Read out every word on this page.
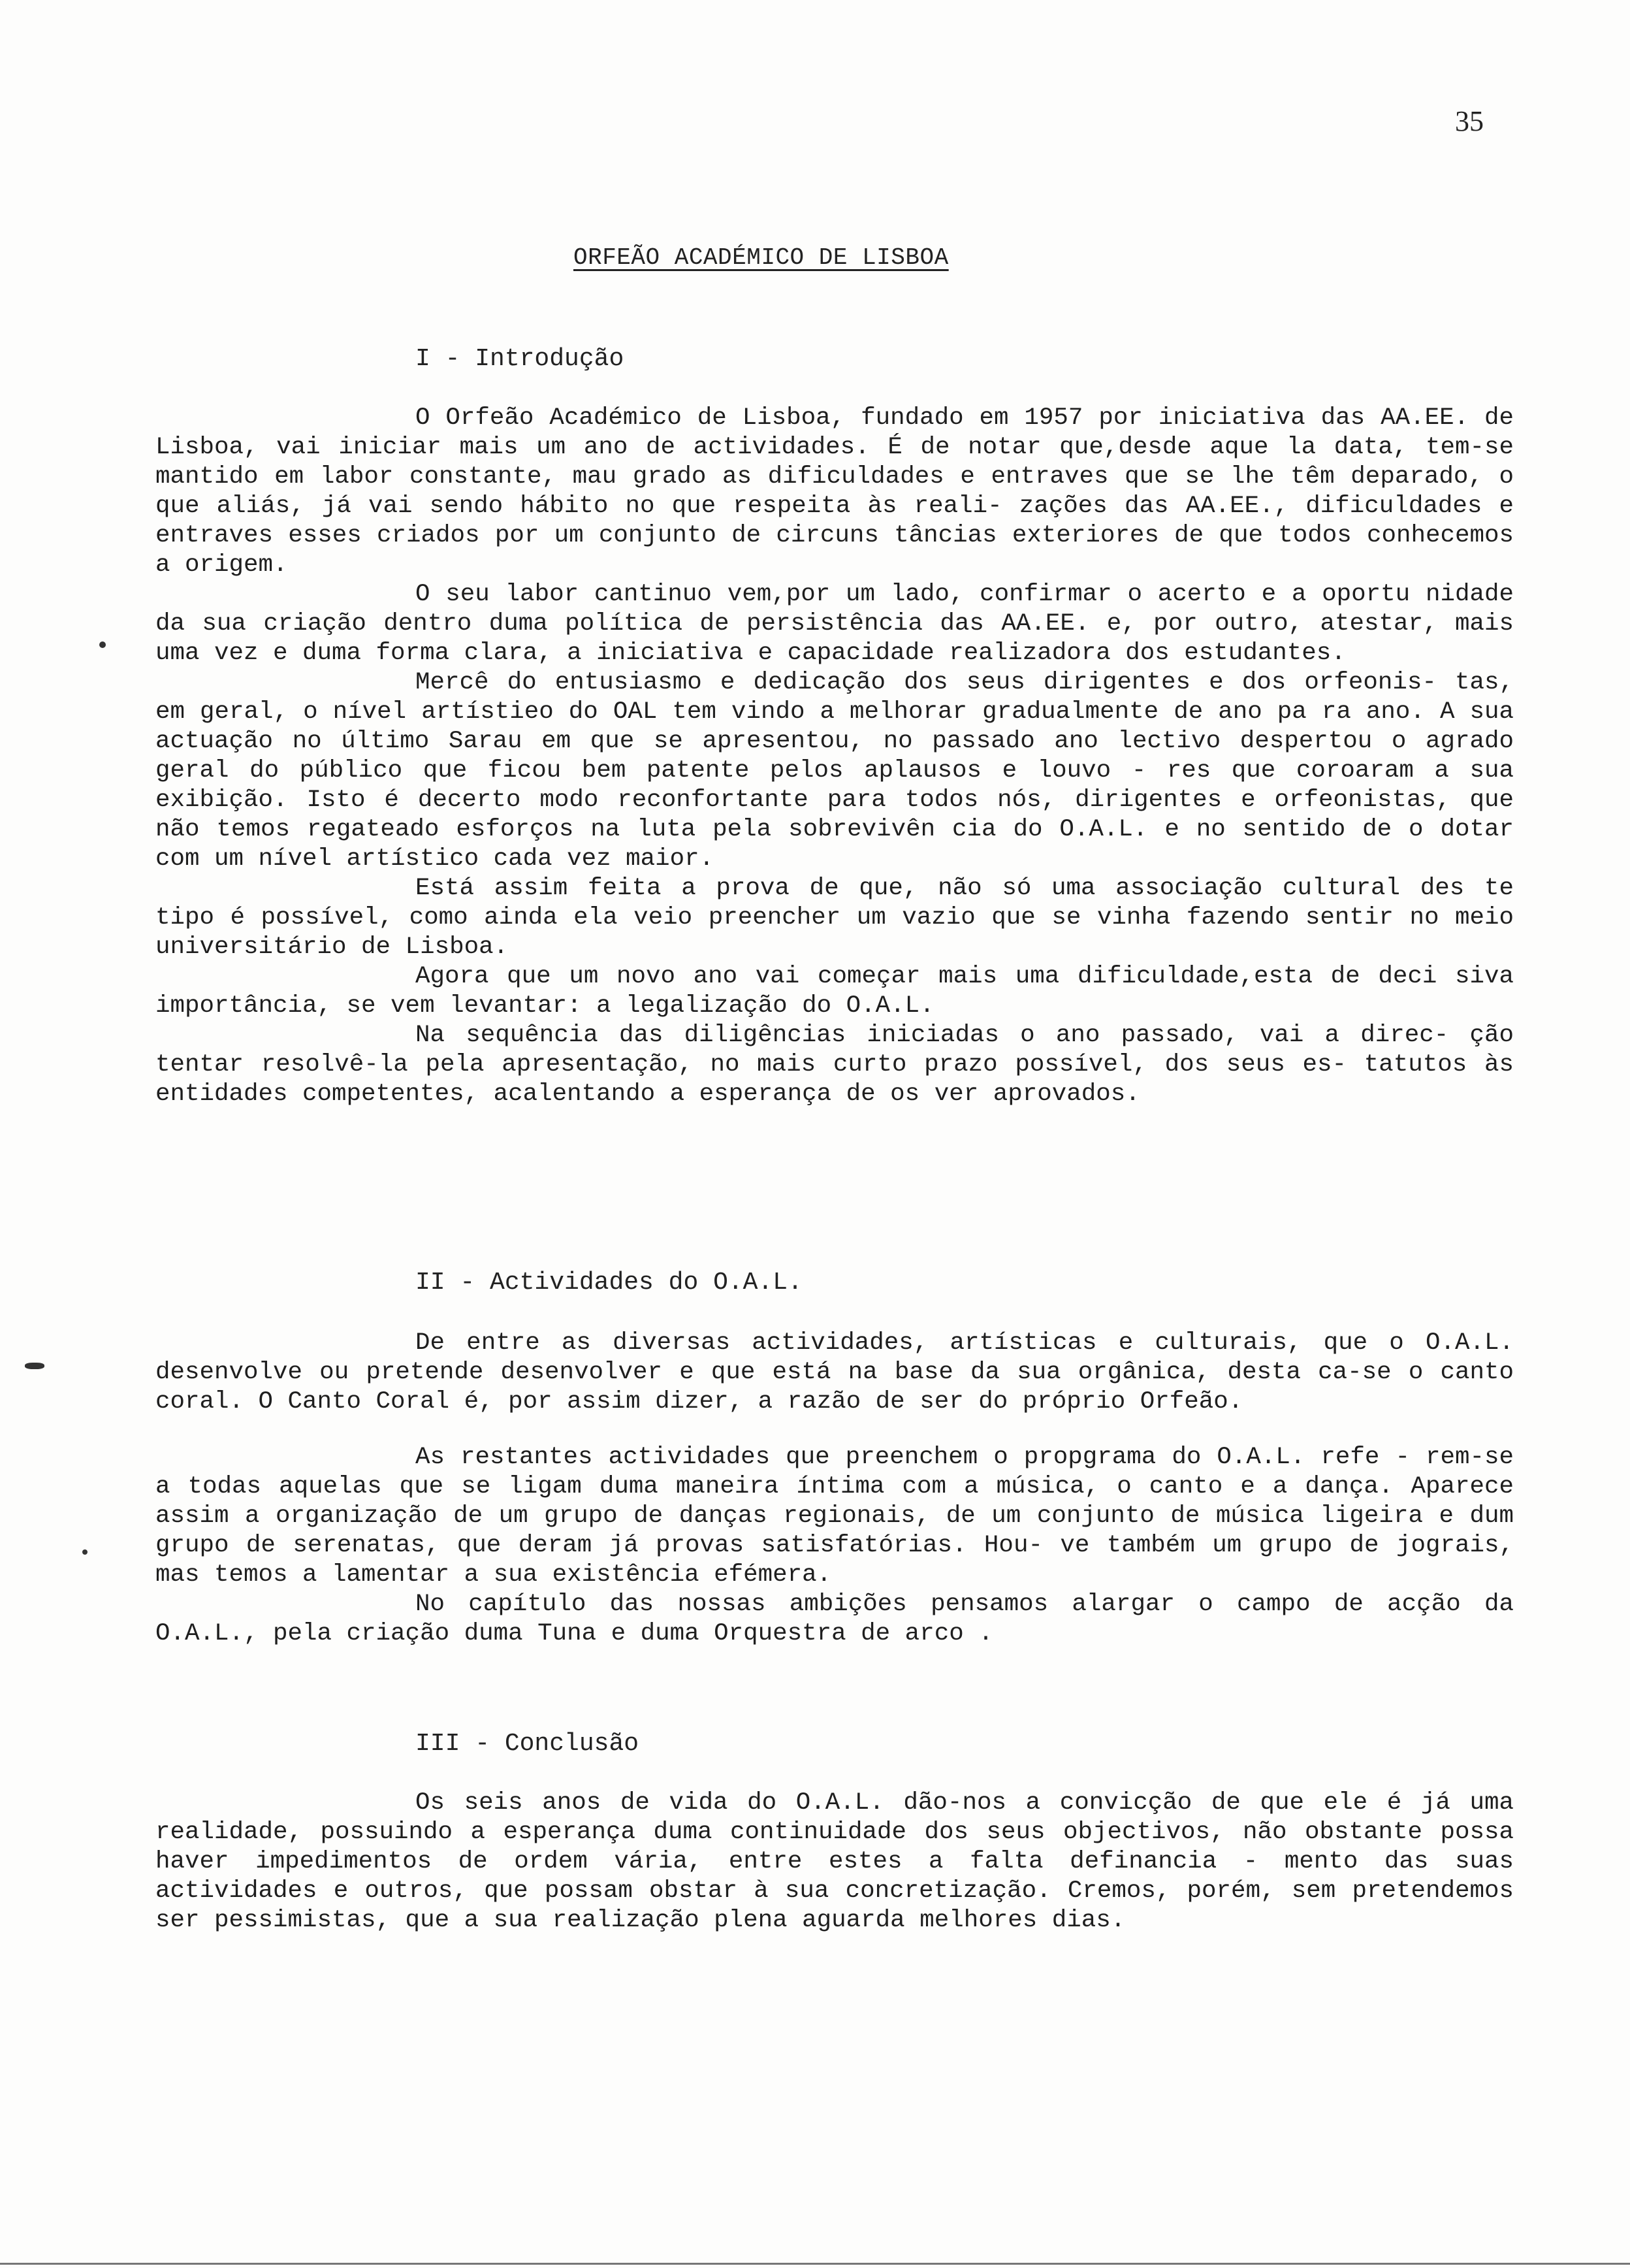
35
ORFEÃO ACADÉMICO DE LISBOA
I - Introdução

O Orfeão Académico de Lisboa, fundado em 1957 por iniciativa das AA.EE. de Lisboa, vai iniciar mais um ano de actividades. É de notar que,desde aque la data, tem-se mantido em labor constante, mau grado as dificuldades e entraves que se lhe têm deparado, o que aliás, já vai sendo hábito no que respeita às reali- zações das AA.EE., dificuldades e entraves esses criados por um conjunto de circuns tâncias exteriores de que todos conhecemos a origem.

O seu labor cantinuo vem,por um lado, confirmar o acerto e a oportu nidade da sua criação dentro duma política de persistência das AA.EE. e, por outro, atestar, mais uma vez e duma forma clara, a iniciativa e capacidade realizadora dos estudantes.

Mercê do entusiasmo e dedicação dos seus dirigentes e dos orfeonis- tas, em geral, o nível artístieo do OAL tem vindo a melhorar gradualmente de ano pa ra ano. A sua actuação no último Sarau em que se apresentou, no passado ano lectivo despertou o agrado geral do público que ficou bem patente pelos aplausos e louvo - res que coroaram a sua exibição. Isto é decerto modo reconfortante para todos nós, dirigentes e orfeonistas, que não temos regateado esforços na luta pela sobrevivên cia do O.A.L. e no sentido de o dotar com um nível artístico cada vez maior.

Está assim feita a prova de que, não só uma associação cultural des te tipo é possível, como ainda ela veio preencher um vazio que se vinha fazendo sentir no meio universitário de Lisboa.

Agora que um novo ano vai começar mais uma dificuldade,esta de deci siva importância, se vem levantar: a legalização do O.A.L.

Na sequência das diligências iniciadas o ano passado, vai a direc- ção tentar resolvê-la pela apresentação, no mais curto prazo possível, dos seus es- tatutos às entidades competentes, acalentando a esperança de os ver aprovados.

II - Actividades do O.A.L.

De entre as diversas actividades, artísticas e culturais, que o O.A.L. desenvolve ou pretende desenvolver e que está na base da sua orgânica, desta ca-se o canto coral. O Canto Coral é, por assim dizer, a razão de ser do próprio Orfeão.

As restantes actividades que preenchem o propgrama do O.A.L. refe - rem-se a todas aquelas que se ligam duma maneira íntima com a música, o canto e a dança. Aparece assim a organização de um grupo de danças regionais, de um conjunto de música ligeira e dum grupo de serenatas, que deram já provas satisfatórias. Hou- ve também um grupo de jograis, mas temos a lamentar a sua existência efémera.

No capítulo das nossas ambições pensamos alargar o campo de acção da O.A.L., pela criação duma Tuna e duma Orquestra de arco .

III - Conclusão

Os seis anos de vida do O.A.L. dão-nos a convicção de que ele é já uma realidade, possuindo a esperança duma continuidade dos seus objectivos, não obstante possa haver impedimentos de ordem vária, entre estes a falta definancia - mento das suas actividades e outros, que possam obstar à sua concretização. Cremos, porém, sem pretendemos ser pessimistas, que a sua realização plena aguarda melhores dias.
